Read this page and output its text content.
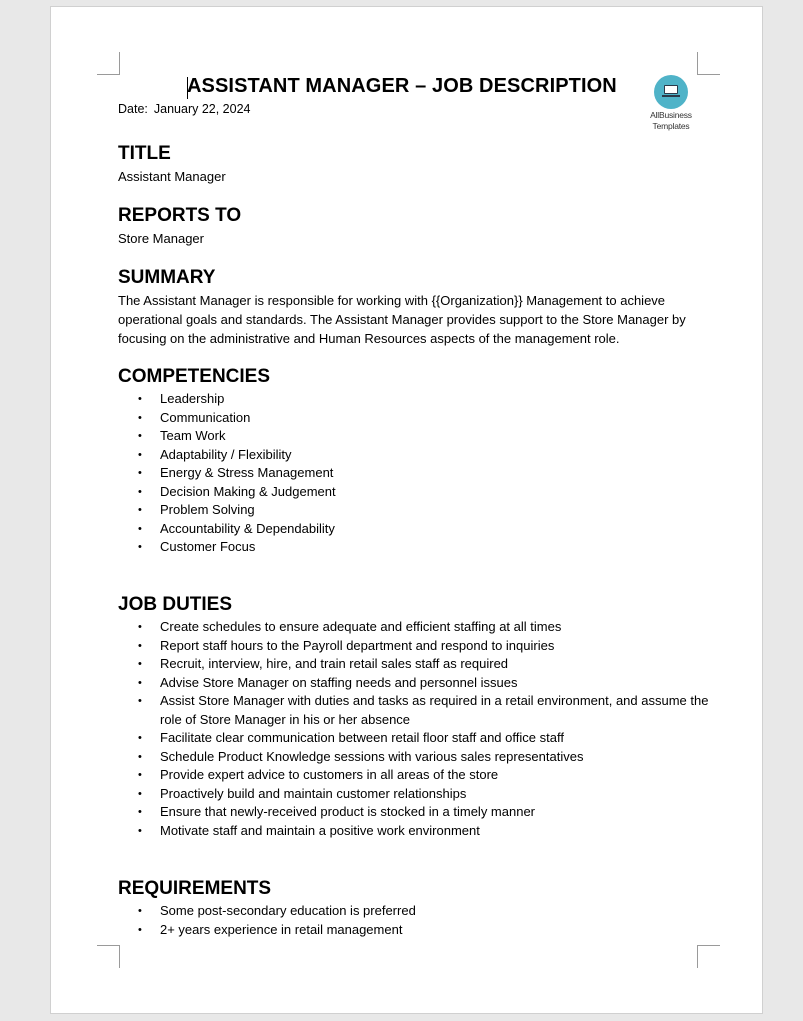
ASSISTANT MANAGER – JOB DESCRIPTION
Date: January 22, 2024	AllBusiness
Templates
TITLE

Assistant Manager

REPORTS TO

Store Manager

SUMMARY

The Assistant Manager is responsible for working with {{Organization}} Management to achieve operational goals and standards. The Assistant Manager provides support to the Store Manager by focusing on the administrative and Human Resources aspects of the management role.

COMPETENCIES
• Leadership
• Communication
• Team Work
• Adaptability / Flexibility
• Energy & Stress Management
• Decision Making & Judgement
• Problem Solving
• Accountability & Dependability
• Customer Focus
JOB DUTIES
• Create schedules to ensure adequate and efficient staffing at all times
• Report staff hours to the Payroll department and respond to inquiries
• Recruit, interview, hire, and train retail sales staff as required
• Advise Store Manager on staffing needs and personnel issues
• Assist Store Manager with duties and tasks as required in a retail environment, and assume the role of Store Manager in his or her absence
• Facilitate clear communication between retail floor staff and office staff
• Schedule Product Knowledge sessions with various sales representatives
• Provide expert advice to customers in all areas of the store
• Proactively build and maintain customer relationships
• Ensure that newly-received product is stocked in a timely manner
• Motivate staff and maintain a positive work environment
REQUIREMENTS
• Some post-secondary education is preferred
• 2+ years experience in retail management
